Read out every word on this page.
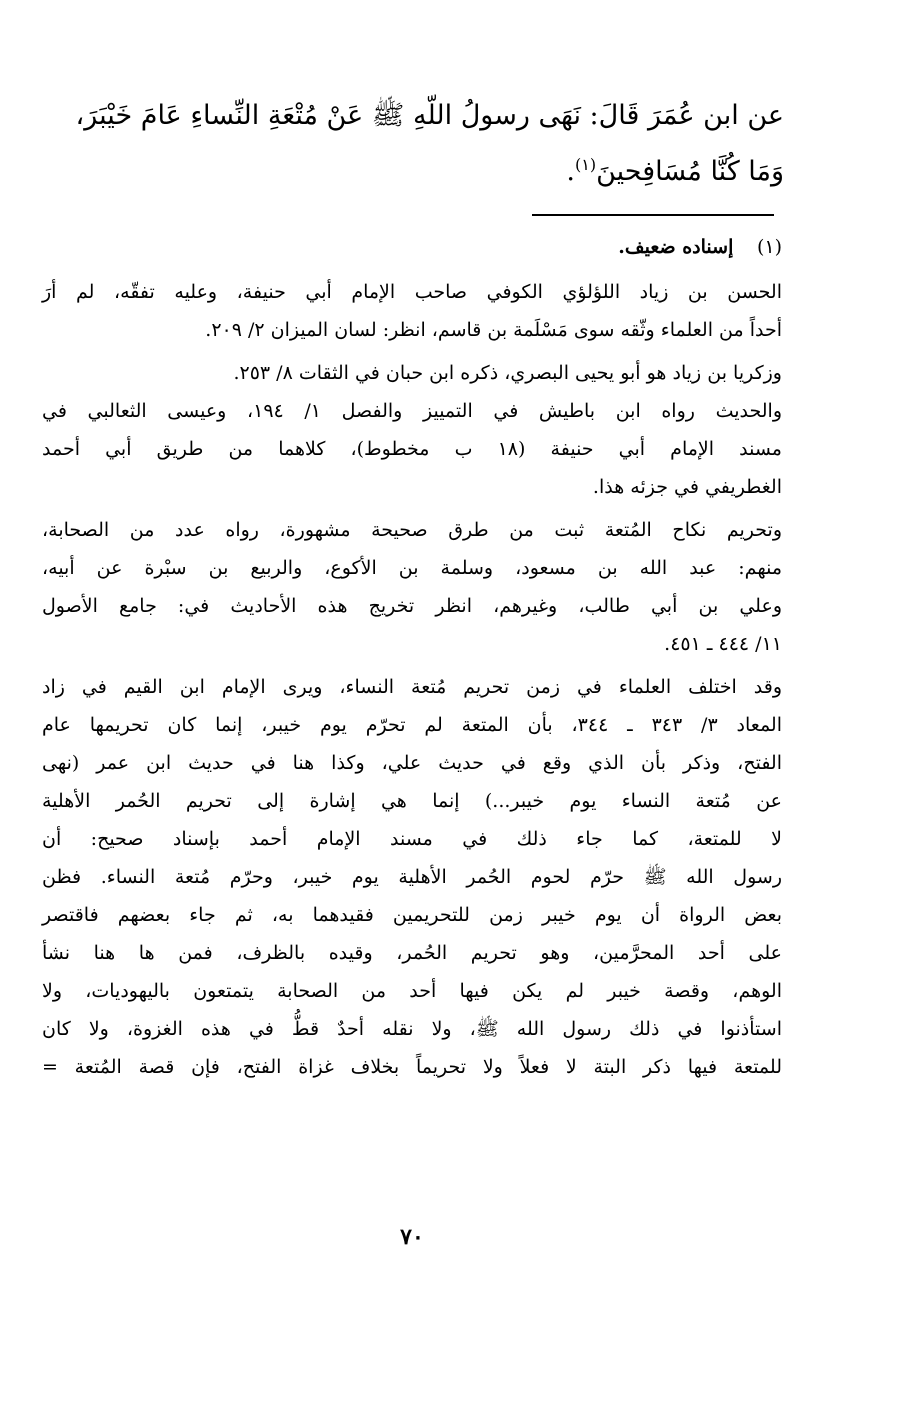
عن ابن عُمَرَ قَالَ: نَهَى رسولُ اللّهِ ﷺ عَنْ مُتْعَةِ النِّساءِ عَامَ خَيْبَرَ،
وَمَا كُنَّا مُسَافِحينَ$^{(١)}$.
(١) إسناده ضعيف.
الحسن بن زياد اللؤلؤي الكوفي صاحب الإمام أبي حنيفة، وعليه تفقّه، لم أرَ
أحداً من العلماء وثّقه سوى مَسْلَمة بن قاسم، انظر: لسان الميزان ٢/ ٢٠٩.
وزكريا بن زياد هو أبو يحيى البصري، ذكره ابن حبان في الثقات ٨/ ٢٥٣.
والحديث رواه ابن باطيش في التمييز والفصل ١/ ١٩٤، وعيسى الثعالبي في
مسند الإمام أبي حنيفة (١٨ ب مخطوط)، كلاهما من طريق أبي أحمد
الغطريفي في جزئه هذا.
وتحريم نكاح المُتعة ثبت من طرق صحيحة مشهورة، رواه عدد من الصحابة،
منهم: عبد الله بن مسعود، وسلمة بن الأكوع، والربيع بن سبْرة عن أبيه،
وعلي بن أبي طالب، وغيرهم، انظر تخريج هذه الأحاديث في: جامع الأصول
١١/ ٤٤٤ ـ ٤٥١.
وقد اختلف العلماء في زمن تحريم مُتعة النساء، ويرى الإمام ابن القيم في زاد
المعاد ٣/ ٣٤٣ ـ ٣٤٤، بأن المتعة لم تحرّم يوم خيبر، إنما كان تحريمها عام
الفتح، وذكر بأن الذي وقع في حديث علي، وكذا هنا في حديث ابن عمر (نهى
عن مُتعة النساء يوم خيبر...) إنما هي إشارة إلى تحريم الحُمر الأهلية
لا للمتعة، كما جاء ذلك في مسند الإمام أحمد بإسناد صحيح: أن
رسول الله ﷺ حرّم لحوم الحُمر الأهلية يوم خيبر، وحرّم مُتعة النساء. فظن
بعض الرواة أن يوم خيبر زمن للتحريمين فقيدهما به، ثم جاء بعضهم فاقتصر
على أحد المحرَّمين، وهو تحريم الحُمر، وقيده بالظرف، فمن ها هنا نشأ
الوهم، وقصة خيبر لم يكن فيها أحد من الصحابة يتمتعون باليهوديات، ولا
استأذنوا في ذلك رسول الله ﷺ، ولا نقله أحدٌ قطُّ في هذه الغزوة، ولا كان
للمتعة فيها ذكر البتة لا فعلاً ولا تحريماً بخلاف غزاة الفتح، فإن قصة المُتعة =
٧٠
